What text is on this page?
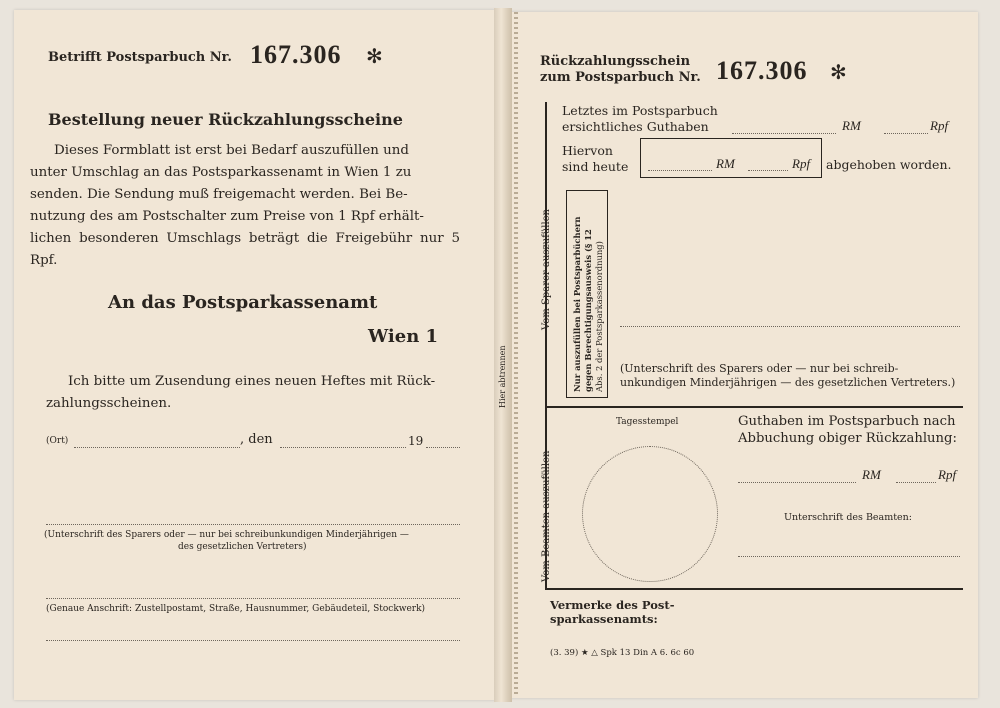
Betrifft Postsparbuch Nr. 167.306 ✻
Bestellung neuer Rückzahlungsscheine
Dieses Formblatt ist erst bei Bedarf auszufüllen und
unter Umschlag an das Postsparkassenamt in Wien 1 zu
senden. Die Sendung muß freigemacht werden. Bei Be-
nutzung des am Postschalter zum Preise von 1 Rpf erhält-
lichen besonderen Umschlags beträgt die Freigebühr nur 5 Rpf.
An das Postsparkassenamt
Wien 1
Ich bitte um Zusendung eines neuen Heftes mit Rück-
zahlungsscheinen.
(Ort)	, den	19
(Unterschrift des Sparers oder — nur bei schreibunkundigen Minderjährigen —
des gesetzlichen Vertreters)
(Genaue Anschrift: Zustellpostamt, Straße, Hausnummer, Gebäudeteil, Stockwerk)
Hier abtrennen
Rückzahlungsschein
zum Postsparbuch Nr. 167.306 ✻
Vom Sparer auszufüllen
Letztes im Postsparbuch
ersichtliches Guthaben	RM	Rpf
Hiervon
sind heute	RM	Rpf abgehoben worden.
Nur auszufüllen bei Postsparbüchern gegen Berechtigungsausweis (§ 12 Abs. 2 der Postsparkassenordnung) (Unterschrift des Sparers oder — nur bei schreib-
unkundigen Minderjährigen — des gesetzlichen Vertreters.)
Vom Beamten auszufüllen
Tagesstempel	Guthaben im Postsparbuch nach
Abbuchung obiger Rückzahlung:
RM	Rpf
Unterschrift des Beamten:
Vermerke des Post-
sparkassenamts:
(3. 39) ★ △ Spk 13 Din A 6. 6c 60
